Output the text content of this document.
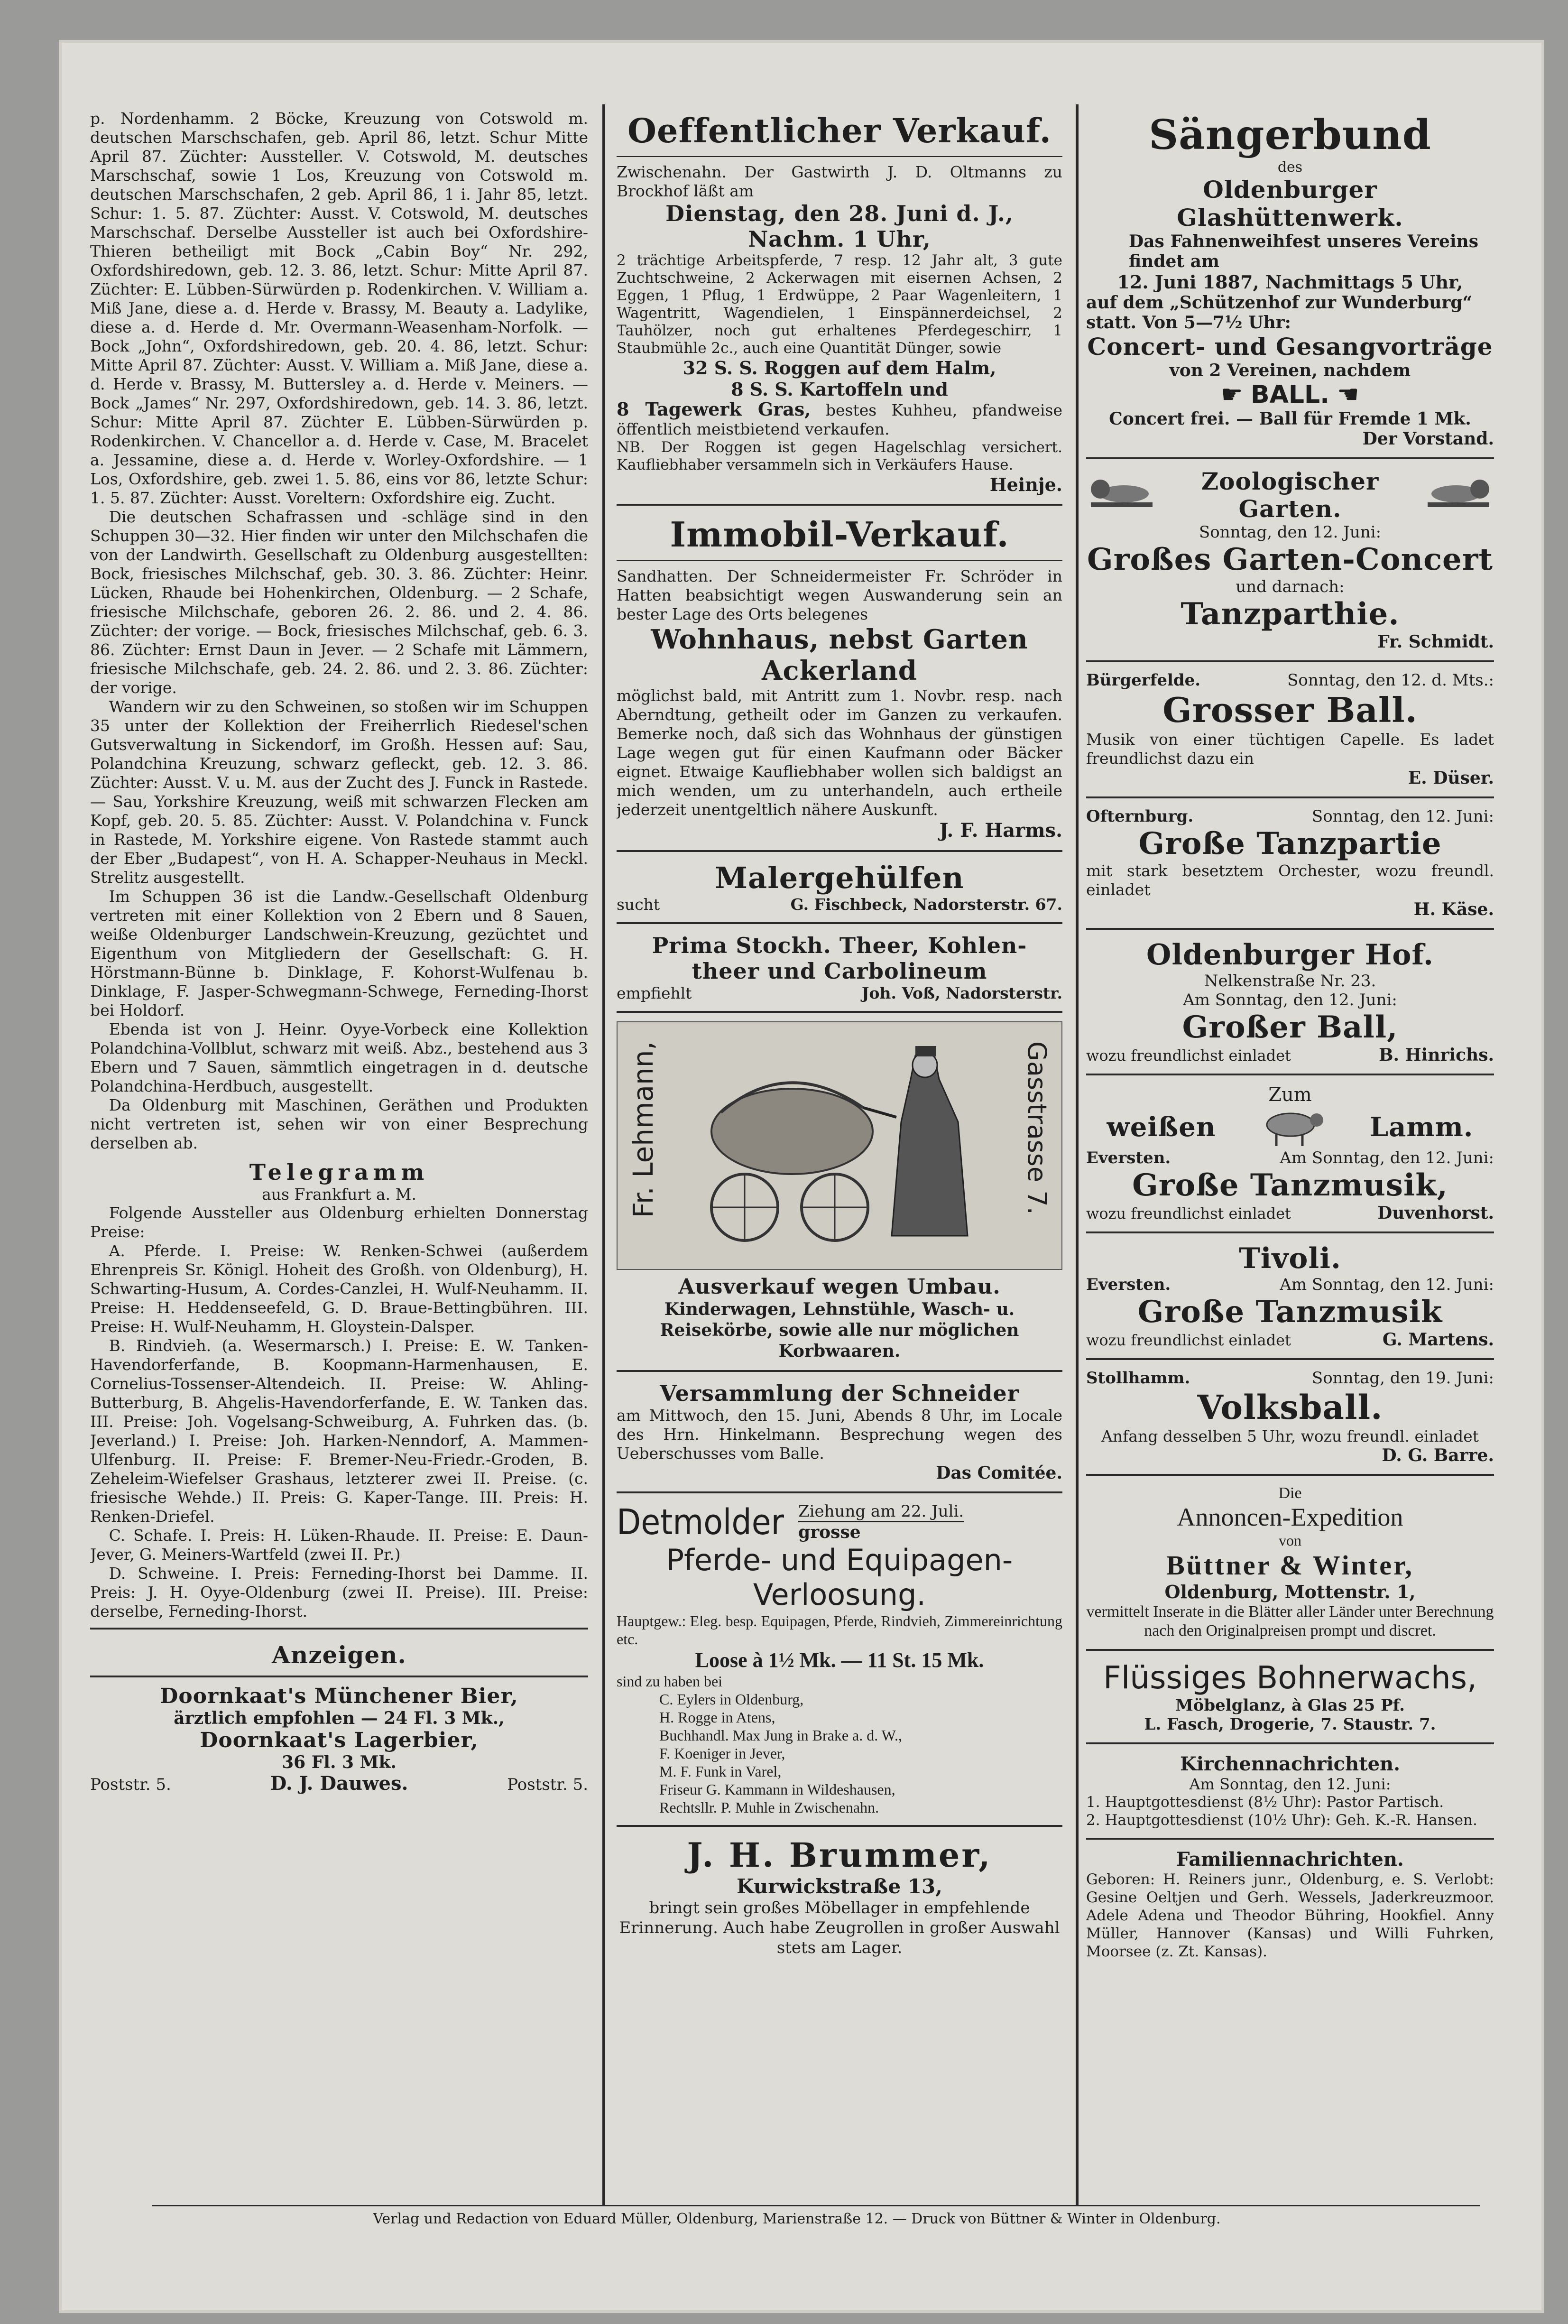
p. Nordenhamm. 2 Böcke, Kreuzung von Cotswold m. deutschen Marschschafen, geb. April 86, letzt. Schur Mitte April 87. Züchter: Aussteller. V. Cotswold, M. deutsches Marschschaf, sowie 1 Los, Kreuzung von Cotswold m. deutschen Marschschafen, 2 geb. April 86, 1 i. Jahr 85, letzt. Schur: 1. 5. 87. Züchter: Ausst. V. Cotswold, M. deutsches Marschschaf. Derselbe Aussteller ist auch bei Oxfordshire-Thieren betheiligt mit Bock „Cabin Boy“ Nr. 292, Oxfordshiredown, geb. 12. 3. 86, letzt. Schur: Mitte April 87. Züchter: E. Lübben-Sürwürden p. Rodenkirchen. V. William a. Miß Jane, diese a. d. Herde v. Brassy, M. Beauty a. Ladylike, diese a. d. Herde d. Mr. Overmann-Weasenham-Norfolk. — Bock „John“, Oxfordshiredown, geb. 20. 4. 86, letzt. Schur: Mitte April 87. Züchter: Ausst. V. William a. Miß Jane, diese a. d. Herde v. Brassy, M. Buttersley a. d. Herde v. Meiners. — Bock „James“ Nr. 297, Oxfordshiredown, geb. 14. 3. 86, letzt. Schur: Mitte April 87. Züchter E. Lübben-Sürwürden p. Rodenkirchen. V. Chancellor a. d. Herde v. Case, M. Bracelet a. Jessamine, diese a. d. Herde v. Worley-Oxfordshire. — 1 Los, Oxfordshire, geb. zwei 1. 5. 86, eins vor 86, letzte Schur: 1. 5. 87. Züchter: Ausst. Voreltern: Oxfordshire eig. Zucht.

Die deutschen Schafrassen und -schläge sind in den Schuppen 30—32. Hier finden wir unter den Milchschafen die von der Landwirth. Gesellschaft zu Oldenburg ausgestellten: Bock, friesisches Milchschaf, geb. 30. 3. 86. Züchter: Heinr. Lücken, Rhaude bei Hohenkirchen, Oldenburg. — 2 Schafe, friesische Milchschafe, geboren 26. 2. 86. und 2. 4. 86. Züchter: der vorige. — Bock, friesisches Milchschaf, geb. 6. 3. 86. Züchter: Ernst Daun in Jever. — 2 Schafe mit Lämmern, friesische Milchschafe, geb. 24. 2. 86. und 2. 3. 86. Züchter: der vorige.

Wandern wir zu den Schweinen, so stoßen wir im Schuppen 35 unter der Kollektion der Freiherrlich Riedesel'schen Gutsverwaltung in Sickendorf, im Großh. Hessen auf: Sau, Polandchina Kreuzung, schwarz gefleckt, geb. 12. 3. 86. Züchter: Ausst. V. u. M. aus der Zucht des J. Funck in Rastede. — Sau, Yorkshire Kreuzung, weiß mit schwarzen Flecken am Kopf, geb. 20. 5. 85. Züchter: Ausst. V. Polandchina v. Funck in Rastede, M. Yorkshire eigene. Von Rastede stammt auch der Eber „Budapest“, von H. A. Schapper-Neuhaus in Meckl. Strelitz ausgestellt.

Im Schuppen 36 ist die Landw.-Gesellschaft Oldenburg vertreten mit einer Kollektion von 2 Ebern und 8 Sauen, weiße Oldenburger Landschwein-Kreuzung, gezüchtet und Eigenthum von Mitgliedern der Gesellschaft: G. H. Hörstmann-Bünne b. Dinklage, F. Kohorst-Wulfenau b. Dinklage, F. Jasper-Schwegmann-Schwege, Ferneding-Ihorst bei Holdorf.

Ebenda ist von J. Heinr. Oyye-Vorbeck eine Kollektion Polandchina-Vollblut, schwarz mit weiß. Abz., bestehend aus 3 Ebern und 7 Sauen, sämmtlich eingetragen in d. deutsche Polandchina-Herdbuch, ausgestellt.

Da Oldenburg mit Maschinen, Geräthen und Produkten nicht vertreten ist, sehen wir von einer Besprechung derselben ab.

Telegramm
aus Frankfurt a. M.

Folgende Aussteller aus Oldenburg erhielten Donnerstag Preise:

A. Pferde. I. Preise: W. Renken-Schwei (außerdem Ehrenpreis Sr. Königl. Hoheit des Großh. von Oldenburg), H. Schwarting-Husum, A. Cordes-Canzlei, H. Wulf-Neuhamm. II. Preise: H. Heddenseefeld, G. D. Braue-Bettingbühren. III. Preise: H. Wulf-Neuhamm, H. Gloystein-Dalsper.

B. Rindvieh. (a. Wesermarsch.) I. Preise: E. W. Tanken-Havendorferfande, B. Koopmann-Harmenhausen, E. Cornelius-Tossenser-Altendeich. II. Preise: W. Ahling-Butterburg, B. Ahgelis-Havendorferfande, E. W. Tanken das. III. Preise: Joh. Vogelsang-Schweiburg, A. Fuhrken das. (b. Jeverland.) I. Preise: Joh. Harken-Nenndorf, A. Mammen-Ulfenburg. II. Preise: F. Bremer-Neu-Friedr.-Groden, B. Zeheleim-Wiefelser Grashaus, letzterer zwei II. Preise. (c. friesische Wehde.) II. Preis: G. Kaper-Tange. III. Preis: H. Renken-Driefel.

C. Schafe. I. Preis: H. Lüken-Rhaude. II. Preise: E. Daun-Jever, G. Meiners-Wartfeld (zwei II. Pr.)

D. Schweine. I. Preis: Ferneding-Ihorst bei Damme. II. Preis: J. H. Oyye-Oldenburg (zwei II. Preise). III. Preise: derselbe, Ferneding-Ihorst.

Anzeigen.
Doornkaat's Münchener Bier,
ärztlich empfohlen — 24 Fl. 3 Mk.,
Doornkaat's Lagerbier,
36 Fl. 3 Mk.
Poststr. 5.	D. J. Dauwes.	Poststr. 5.
Oeffentlicher Verkauf.
Zwischenahn. Der Gastwirth J. D. Oltmanns zu Brockhof läßt am
Dienstag, den 28. Juni d. J.,
Nachm. 1 Uhr,
2 trächtige Arbeitspferde, 7 resp. 12 Jahr alt, 3 gute Zuchtschweine, 2 Ackerwagen mit eisernen Achsen, 2 Eggen, 1 Pflug, 1 Erdwüppe, 2 Paar Wagenleitern, 1 Wagentritt, Wagendielen, 1 Einspännerdeichsel, 2 Tauhölzer, noch gut erhaltenes Pferdegeschirr, 1 Staubmühle 2c., auch eine Quantität Dünger, sowie
32 S. S. Roggen auf dem Halm,
8 S. S. Kartoffeln und
8 Tagewerk Gras, bestes Kuhheu, pfandweise öffentlich meistbietend verkaufen.
NB. Der Roggen ist gegen Hagelschlag versichert. Kaufliebhaber versammeln sich in Verkäufers Hause.
Heinje.
Immobil-Verkauf.
Sandhatten. Der Schneidermeister Fr. Schröder in Hatten beabsichtigt wegen Auswanderung sein an bester Lage des Orts belegenes
Wohnhaus, nebst Garten
Ackerland
möglichst bald, mit Antritt zum 1. Novbr. resp. nach Aberndtung, getheilt oder im Ganzen zu verkaufen. Bemerke noch, daß sich das Wohnhaus der günstigen Lage wegen gut für einen Kaufmann oder Bäcker eignet. Etwaige Kaufliebhaber wollen sich baldigst an mich wenden, um zu unterhandeln, auch ertheile jederzeit unentgeltlich nähere Auskunft.
J. F. Harms.
Malergehülfen
sucht	G. Fischbeck, Nadorsterstr. 67.
Prima Stockh. Theer, Kohlen-
theer und Carbolineum
empfiehlt	Joh. Voß, Nadorsterstr.
Fr. Lehmann,	Gasstrasse 7.
Ausverkauf wegen Umbau.
Kinderwagen, Lehnstühle, Wasch- u. Reisekörbe, sowie alle nur möglichen Korbwaaren.
Versammlung der Schneider
am Mittwoch, den 15. Juni, Abends 8 Uhr, im Locale des Hrn. Hinkelmann. Besprechung wegen des Ueberschusses vom Balle.
Das Comitée.
Detmolder Ziehung am 22. Juli.
grosse
Pferde- und Equipagen-
Verloosung.
Hauptgew.: Eleg. besp. Equipagen, Pferde, Rindvieh, Zimmereinrichtung etc.
Loose à 1½ Mk. — 11 St. 15 Mk.
sind zu haben bei
C. Eylers in Oldenburg,
H. Rogge in Atens,
Buchhandl. Max Jung in Brake a. d. W.,
F. Koeniger in Jever,
M. F. Funk in Varel,
Friseur G. Kammann in Wildeshausen,
Rechtsllr. P. Muhle in Zwischenahn.
J. H. Brummer,
Kurwickstraße 13,
bringt sein großes Möbellager in empfehlende Erinnerung. Auch habe Zeugrollen in großer Auswahl stets am Lager.
Sängerbund
des
Oldenburger Glashüttenwerk.
Das Fahnenweihfest unseres Vereins findet am
12. Juni 1887, Nachmittags 5 Uhr,
auf dem „Schützenhof zur Wunderburg“ statt. Von 5—7½ Uhr:
Concert- und Gesangvorträge
von 2 Vereinen, nachdem
☛ BALL. ☛
Concert frei. — Ball für Fremde 1 Mk.
Der Vorstand.
Zoologischer
Garten.
Sonntag, den 12. Juni:
Großes Garten-Concert
und darnach:
Tanzparthie.
Fr. Schmidt.
Bürgerfelde.	Sonntag, den 12. d. Mts.:
Grosser Ball.
Musik von einer tüchtigen Capelle. Es ladet freundlichst dazu ein
E. Düser.
Ofternburg.	Sonntag, den 12. Juni:
Große Tanzpartie
mit stark besetztem Orchester, wozu freundl. einladet
H. Käse.
Oldenburger Hof.
Nelkenstraße Nr. 23.
Am Sonntag, den 12. Juni:
Großer Ball,
wozu freundlichst einladet	B. Hinrichs.
Zum
weißen	Lamm.
Eversten.	Am Sonntag, den 12. Juni:
Große Tanzmusik,
wozu freundlichst einladet	Duvenhorst.
Tivoli.
Eversten.	Am Sonntag, den 12. Juni:
Große Tanzmusik
wozu freundlichst einladet	G. Martens.
Stollhamm.	Sonntag, den 19. Juni:
Volksball.
Anfang desselben 5 Uhr, wozu freundl. einladet
D. G. Barre.
Die
Annoncen-Expedition
von
Büttner & Winter,
Oldenburg, Mottenstr. 1,
vermittelt Inserate in die Blätter aller Länder unter Berechnung nach den Originalpreisen prompt und discret.
Flüssiges Bohnerwachs,
Möbelglanz, à Glas 25 Pf.
L. Fasch, Drogerie, 7. Staustr. 7.
Kirchennachrichten.
Am Sonntag, den 12. Juni:
1. Hauptgottesdienst (8½ Uhr): Pastor Partisch.
2. Hauptgottesdienst (10½ Uhr): Geh. K.-R. Hansen.
Familiennachrichten.
Geboren: H. Reiners junr., Oldenburg, e. S. Verlobt: Gesine Oeltjen und Gerh. Wessels, Jaderkreuzmoor. Adele Adena und Theodor Bühring, Hookfiel. Anny Müller, Hannover (Kansas) und Willi Fuhrken, Moorsee (z. Zt. Kansas).
Verlag und Redaction von Eduard Müller, Oldenburg, Marienstraße 12. — Druck von Büttner & Winter in Oldenburg.
